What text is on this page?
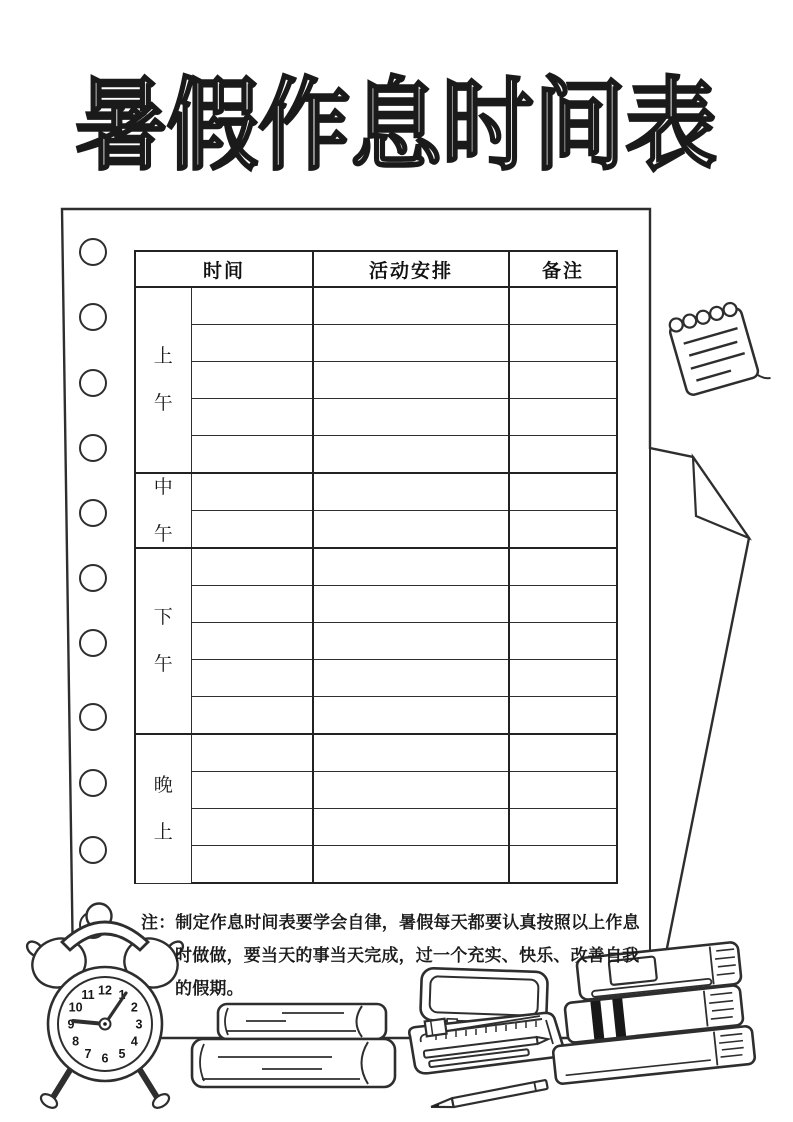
暑假作息时间表
12 1
2
3
4
5
6
7
8
9
10
11
时间		活动安排	备注

上
午			

中
午			

下
午			

晚
上			

注：制定作息时间表要学会自律，暑假每天都要认真按照以上作息
时做做，要当天的事当天完成，过一个充实、快乐、改善自我
的假期。
